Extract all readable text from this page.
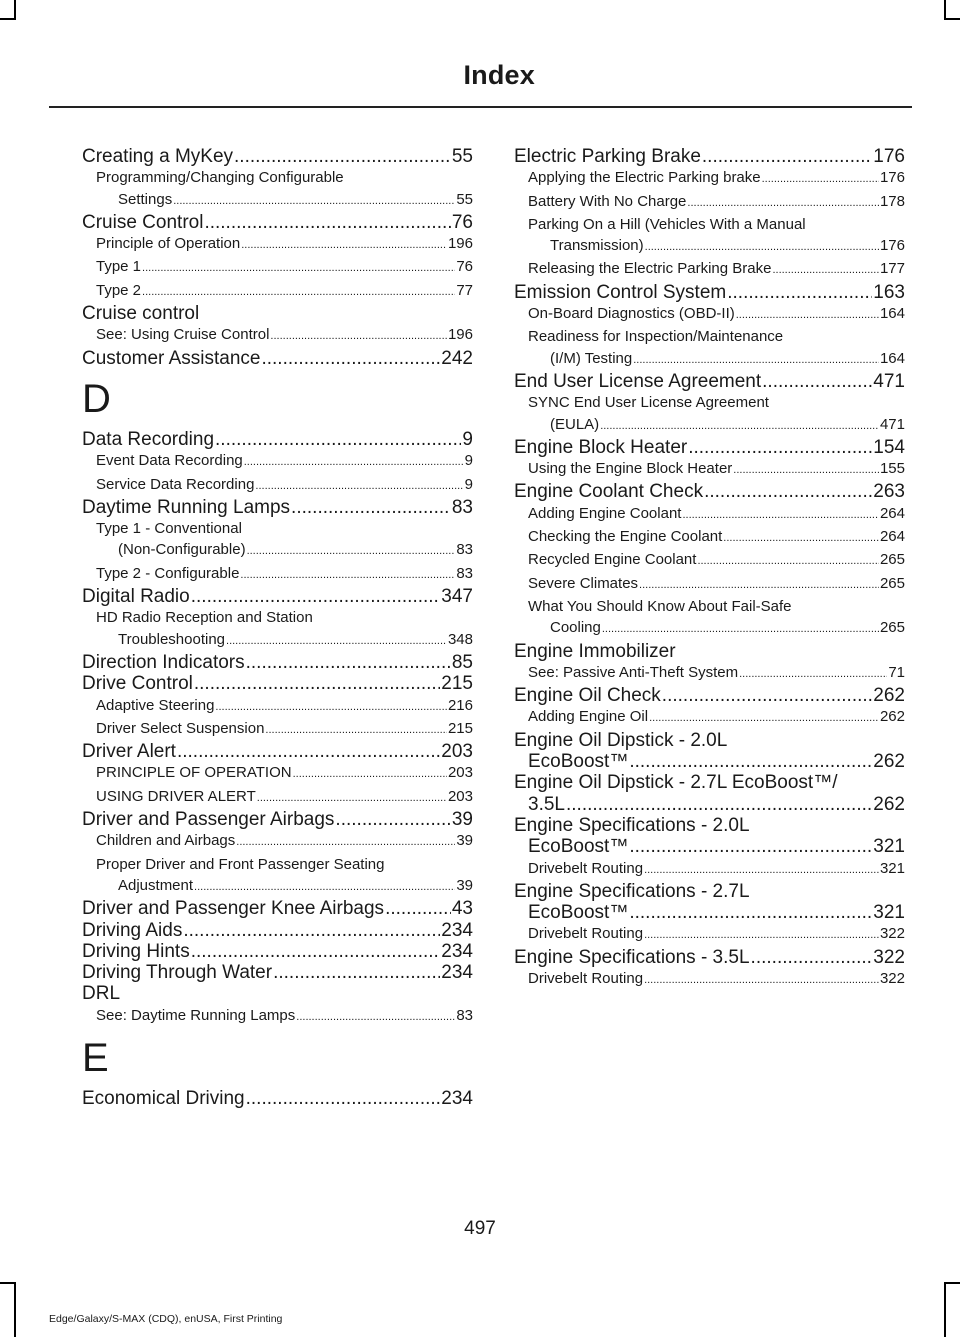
Index
Creating a MyKey .....	55
Programming/Changing Configurable
Settings .....	55
Cruise Control .....	76
Principle of Operation .....	196
Type 1 .....	76
Type 2 .....	77
Cruise control
See: Using Cruise Control .....	196
Customer Assistance .....	242
D
Data Recording .....	9
Event Data Recording .....	9
Service Data Recording .....	9
Daytime Running Lamps .....	83
Type 1 - Conventional
(Non-Configurable) .....	83
Type 2 - Configurable .....	83
Digital Radio .....	347
HD Radio Reception and Station
Troubleshooting .....	348
Direction Indicators .....	85
Drive Control .....	215
Adaptive Steering .....	216
Driver Select Suspension .....	215
Driver Alert .....	203
PRINCIPLE OF OPERATION .....	203
USING DRIVER ALERT .....	203
Driver and Passenger Airbags .....	39
Children and Airbags .....	39
Proper Driver and Front Passenger Seating
Adjustment .....	39
Driver and Passenger Knee Airbags .....	43
Driving Aids .....	234
Driving Hints .....	234
Driving Through Water .....	234
DRL
See: Daytime Running Lamps .....	83
E
Economical Driving .....	234
Electric Parking Brake .....	176
Applying the Electric Parking brake .....	176
Battery With No Charge .....	178
Parking On a Hill (Vehicles With a Manual
Transmission) .....	176
Releasing the Electric Parking Brake .....	177
Emission Control System .....	163
On-Board Diagnostics (OBD-II) .....	164
Readiness for Inspection/Maintenance
(I/M) Testing .....	164
End User License Agreement .....	471
SYNC End User License Agreement
(EULA) .....	471
Engine Block Heater .....	154
Using the Engine Block Heater .....	155
Engine Coolant Check .....	263
Adding Engine Coolant .....	264
Checking the Engine Coolant .....	264
Recycled Engine Coolant .....	265
Severe Climates .....	265
What You Should Know About Fail-Safe
Cooling .....	265
Engine Immobilizer
See: Passive Anti-Theft System .....	71
Engine Oil Check .....	262
Adding Engine Oil .....	262
Engine Oil Dipstick - 2.0L
EcoBoost™ .....	262
Engine Oil Dipstick - 2.7L EcoBoost™/
3.5L .....	262
Engine Specifications - 2.0L
EcoBoost™ .....	321
Drivebelt Routing .....	321
Engine Specifications - 2.7L
EcoBoost™ .....	321
Drivebelt Routing .....	322
Engine Specifications - 3.5L .....	322
Drivebelt Routing .....	322
497
Edge/Galaxy/S-MAX (CDQ), enUSA, First Printing
